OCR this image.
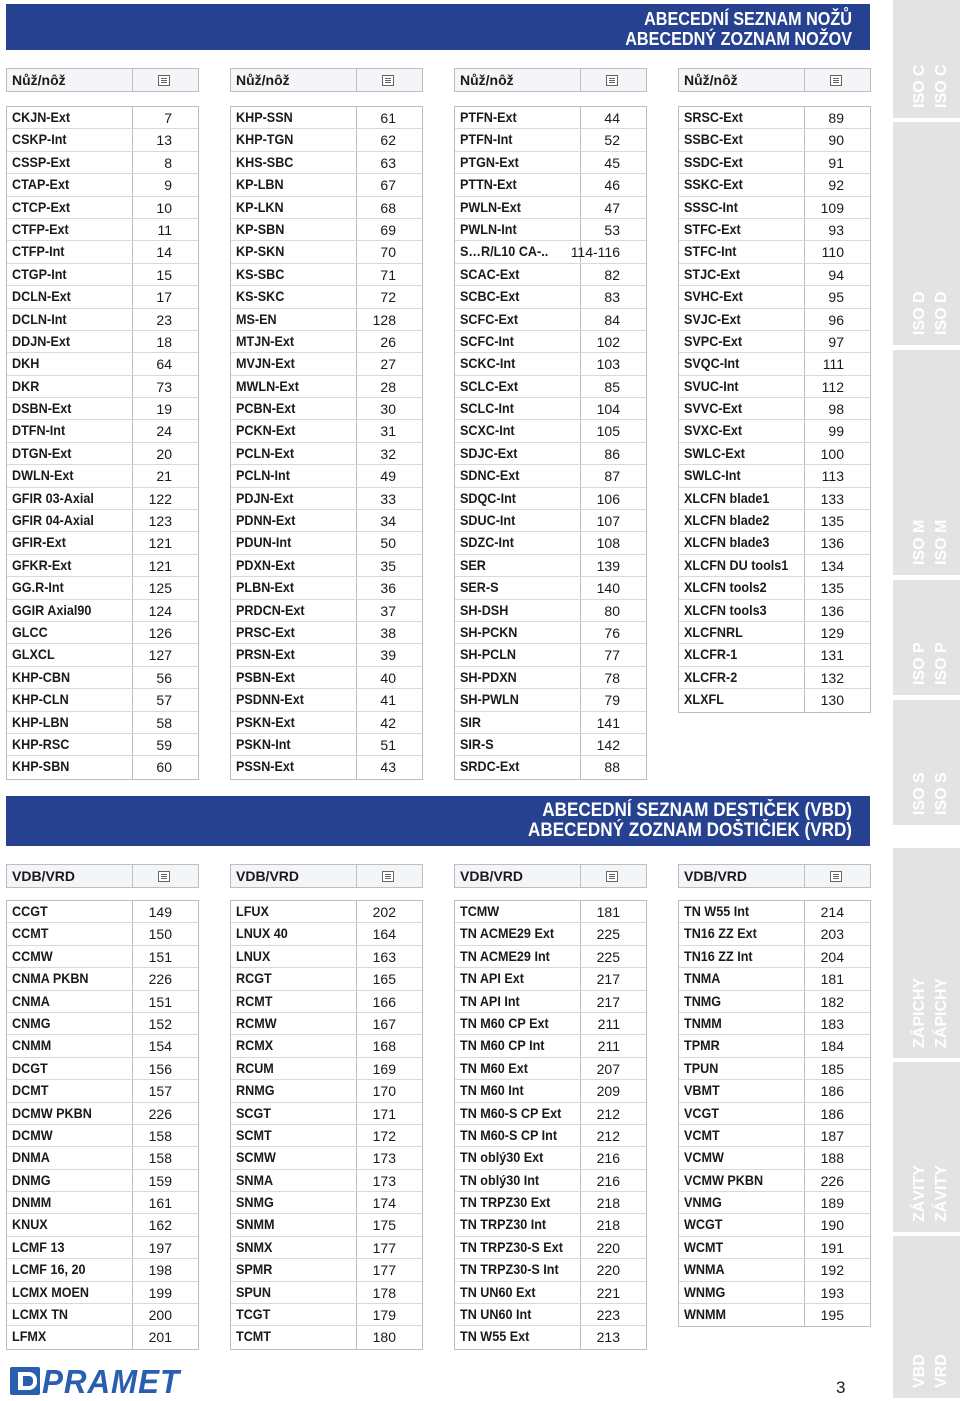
ABECEDNÍ SEZNAM NOŽŮ
ABECEDNÝ ZOZNAM NOŽOV
ABECEDNÍ SEZNAM DESTIČEK (VBD)
ABECEDNÝ ZOZNAM DOŠTIČIEK (VRD)
Nůž/nôž
CKJN-Ext	7
CSKP-Int	13
CSSP-Ext	8
CTAP-Ext	9
CTCP-Ext	10
CTFP-Ext	11
CTFP-Int	14
CTGP-Int	15
DCLN-Ext	17
DCLN-Int	23
DDJN-Ext	18
DKH	64
DKR	73
DSBN-Ext	19
DTFN-Int	24
DTGN-Ext	20
DWLN-Ext	21
GFIR 03-Axial	122
GFIR 04-Axial	123
GFIR-Ext	121
GFKR-Ext	121
GG.R-Int	125
GGIR Axial90	124
GLCC	126
GLXCL	127
KHP-CBN	56
KHP-CLN	57
KHP-LBN	58
KHP-RSC	59
KHP-SBN	60
Nůž/nôž
KHP-SSN	61
KHP-TGN	62
KHS-SBC	63
KP-LBN	67
KP-LKN	68
KP-SBN	69
KP-SKN	70
KS-SBC	71
KS-SKC	72
MS-EN	128
MTJN-Ext	26
MVJN-Ext	27
MWLN-Ext	28
PCBN-Ext	30
PCKN-Ext	31
PCLN-Ext	32
PCLN-Int	49
PDJN-Ext	33
PDNN-Ext	34
PDUN-Int	50
PDXN-Ext	35
PLBN-Ext	36
PRDCN-Ext	37
PRSC-Ext	38
PRSN-Ext	39
PSBN-Ext	40
PSDNN-Ext	41
PSKN-Ext	42
PSKN-Int	51
PSSN-Ext	43
Nůž/nôž
PTFN-Ext	44
PTFN-Int	52
PTGN-Ext	45
PTTN-Ext	46
PWLN-Ext	47
PWLN-Int	53
S…R/L10 CA-.. 114-116
SCAC-Ext	82
SCBC-Ext	83
SCFC-Ext	84
SCFC-Int	102
SCKC-Int	103
SCLC-Ext	85
SCLC-Int	104
SCXC-Int	105
SDJC-Ext	86
SDNC-Ext	87
SDQC-Int	106
SDUC-Int	107
SDZC-Int	108
SER	139
SER-S	140
SH-DSH	80
SH-PCKN	76
SH-PCLN	77
SH-PDXN	78
SH-PWLN	79
SIR	141
SIR-S	142
SRDC-Ext	88
Nůž/nôž
SRSC-Ext	89
SSBC-Ext	90
SSDC-Ext	91
SSKC-Ext	92
SSSC-Int	109
STFC-Ext	93
STFC-Int	110
STJC-Ext	94
SVHC-Ext	95
SVJC-Ext	96
SVPC-Ext	97
SVQC-Int	111
SVUC-Int	112
SVVC-Ext	98
SVXC-Ext	99
SWLC-Ext	100
SWLC-Int	113
XLCFN blade1	133
XLCFN blade2	135
XLCFN blade3	136
XLCFN DU tools1 134
XLCFN tools2	135
XLCFN tools3	136
XLCFNRL	129
XLCFR-1	131
XLCFR-2	132
XLXFL	130
VDB/VRD
CCGT	149
CCMT	150
CCMW	151
CNMA PKBN	226
CNMA	151
CNMG	152
CNMM	154
DCGT	156
DCMT	157
DCMW PKBN	226
DCMW	158
DNMA	158
DNMG	159
DNMM	161
KNUX	162
LCMF 13	197
LCMF 16, 20	198
LCMX MOEN	199
LCMX TN	200
LFMX	201
VDB/VRD
LFUX	202
LNUX 40	164
LNUX	163
RCGT	165
RCMT	166
RCMW	167
RCMX	168
RCUM	169
RNMG	170
SCGT	171
SCMT	172
SCMW	173
SNMA	173
SNMG	174
SNMM	175
SNMX	177
SPMR	177
SPUN	178
TCGT	179
TCMT	180
VDB/VRD
TCMW	181
TN ACME29 Ext	225
TN ACME29 Int	225
TN API Ext	217
TN API Int	217
TN M60 CP Ext	211
TN M60 CP Int	211
TN M60 Ext	207
TN M60 Int	209
TN M60-S CP Ext	212
TN M60-S CP Int	212
TN oblý30 Ext	216
TN oblý30 Int	216
TN TRPZ30 Ext	218
TN TRPZ30 Int	218
TN TRPZ30-S Ext 220
TN TRPZ30-S Int	220
TN UN60 Ext	221
TN UN60 Int	223
TN W55 Ext	213
VDB/VRD
TN W55 Int	214
TN16 ZZ Ext	203
TN16 ZZ Int	204
TNMA	181
TNMG	182
TNMM	183
TPMR	184
TPUN	185
VBMT	186
VCGT	186
VCMT	187
VCMW	188
VCMW PKBN	226
VNMG	189
WCGT	190
WCMT	191
WNMA	192
WNMG	193
WNMM	195
ISO C ISO C
ISO D ISO D
ISO M ISO M
ISO P ISO P
ISO S ISO S
ZÁPICHY ZÁPICHY
ZÁVITY ZÁVITY
VBD VRD
PRAMET	3
